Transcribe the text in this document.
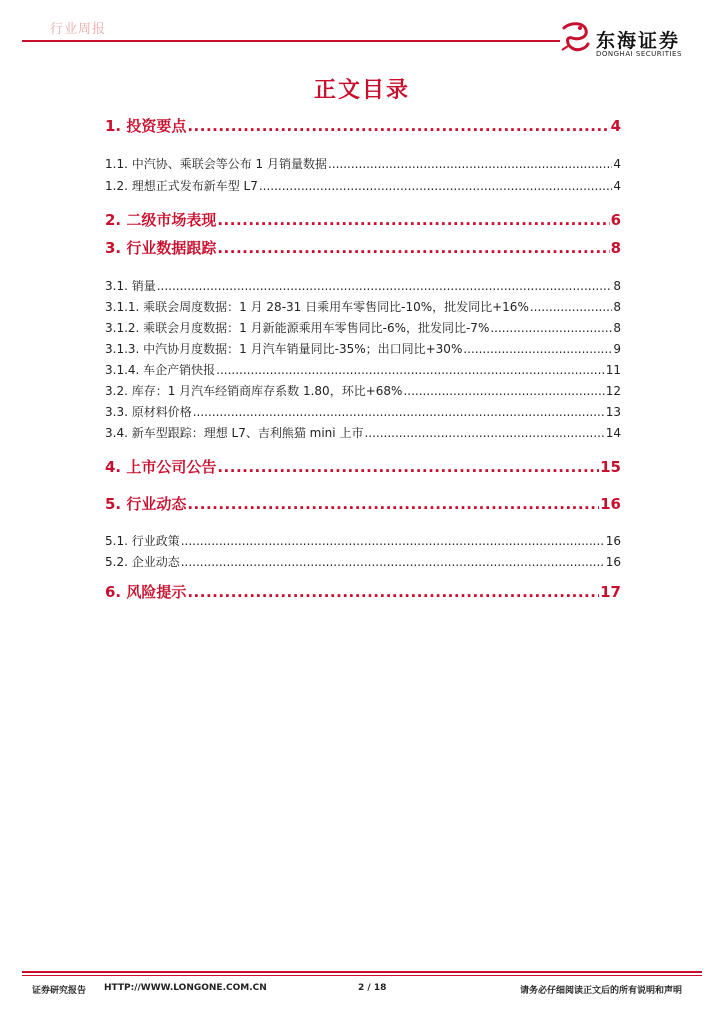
行业周报
东海证券
DONGHAI SECURITIES
正文目录
1. 投资要点 .....	4
1.1. 中汽协、乘联会等公布 1 月销量数据 .....	4
1.2. 理想正式发布新车型 L7 .....	4
2. 二级市场表现 .....	6
3. 行业数据跟踪 .....	8
3.1. 销量 .....	8
3.1.1. 乘联会周度数据：1 月 28-31 日乘用车零售同比-10%，批发同比+16% .....	8
3.1.2. 乘联会月度数据：1 月新能源乘用车零售同比-6%，批发同比-7% .....	8
3.1.3. 中汽协月度数据：1 月汽车销量同比-35%；出口同比+30% .....	9
3.1.4. 车企产销快报 .....	11
3.2. 库存：1 月汽车经销商库存系数 1.80，环比+68% .....	12
3.3. 原材料价格 .....	13
3.4. 新车型跟踪：理想 L7、吉利熊猫 mini 上市 .....	14
4. 上市公司公告 .....	15
5. 行业动态 .....	16
5.1. 行业政策 .....	16
5.2. 企业动态 .....	16
6. 风险提示 .....	17
证券研究报告 HTTP://WWW.LONGONE.COM.CN	2 / 18	请务必仔细阅读正文后的所有说明和声明
